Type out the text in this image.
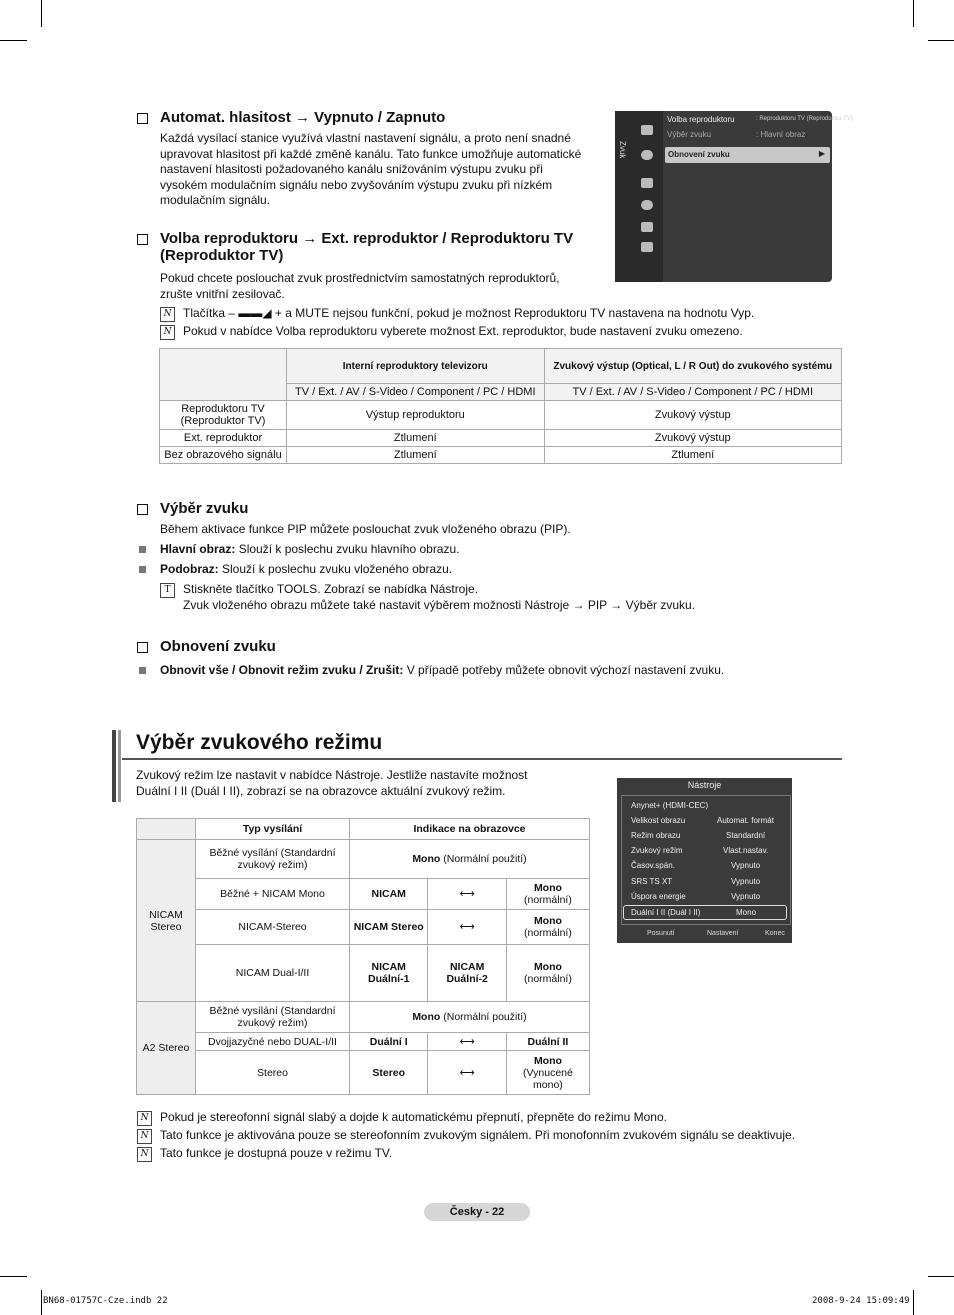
Automat. hlasitost → Vypnuto / Zapnuto
Každá vysílací stanice využívá vlastní nastavení signálu, a proto není snadné
upravovat hlasitost při každé změně kanálu. Tato funkce umožňuje automatické
nastavení hlasitosti požadovaného kanálu snižováním výstupu zvuku při
vysokém modulačním signálu nebo zvyšováním výstupu zvuku při nízkém
modulačním signálu.
Volba reproduktoru → Ext. reproduktor / Reproduktoru TV
(Reproduktor TV)
Pokud chcete poslouchat zvuk prostřednictvím samostatných reproduktorů,
zrušte vnitřní zesilovač.
N Tlačítka – ▬▬◢ + a MUTE nejsou funkční, pokud je možnost Reproduktoru TV nastavena na hodnotu Vyp.
N Pokud v nabídce Volba reproduktoru vyberete možnost Ext. reproduktor, bude nastavení zvuku omezeno.
Zvuk
Volba reproduktoru	: Reproduktoru TV (Reproduktor TV)
Výběr zvuku	: Hlavní obraz
Obnovení zvuku	▶
	Interní reproduktory televizoru	Zvukový výstup (Optical, L / R Out) do zvukového systému
	TV / Ext. / AV / S-Video / Component / PC / HDMI	TV / Ext. / AV / S-Video / Component / PC / HDMI
Reproduktoru TV (Reproduktor TV)	Výstup reproduktoru	Zvukový výstup
Ext. reproduktor	Ztlumení	Zvukový výstup
Bez obrazového signálu	Ztlumení	Ztlumení
Výběr zvuku
Během aktivace funkce PIP můžete poslouchat zvuk vloženého obrazu (PIP).
Hlavní obraz: Slouží k poslechu zvuku hlavního obrazu.
Podobraz: Slouží k poslechu zvuku vloženého obrazu.
T	Stiskněte tlačítko TOOLS. Zobrazí se nabídka Nástroje.
Zvuk vloženého obrazu můžete také nastavit výběrem možnosti Nástroje → PIP → Výběr zvuku.
Obnovení zvuku
Obnovit vše / Obnovit režim zvuku / Zrušit: V případě potřeby můžete obnovit výchozí nastavení zvuku.
Výběr zvukového režimu
Zvukový režim lze nastavit v nabídce Nástroje. Jestliže nastavíte možnost
Duální I II (Duál I II), zobrazí se na obrazovce aktuální zvukový režim.	Nástroje
Anynet+ (HDMI-CEC)
Velikost obrazu	Automat. formát
Režim obrazu	Standardní
Zvukový režim	Vlast.nastav.
Časov.spán.	Vypnuto
SRS TS XT	Vypnuto
Úspora energie	Vypnuto
Duální I II (Duál I II)	Mono
Posunutí	Nastavení	Konec
	Typ vysílání	Indikace na obrazovce		
NICAM Stereo	Běžné vysílání (Standardní zvukový režim)	Mono (Normální použití)		
	Běžné + NICAM Mono	NICAM	⟷	Mono
(normální)
	NICAM-Stereo	NICAM Stereo	⟷	Mono
(normální)
	NICAM Dual-I/II	NICAM Duální-1	NICAM Duální-2	Mono
(normální)
A2 Stereo	Běžné vysílání (Standardní zvukový režim)	Mono (Normální použití)		
	Dvojjazyčné nebo DUAL-I/II	Duální I	⟷	Duální II
	Stereo	Stereo	⟷	Mono
(Vynucené mono)
N Pokud je stereofonní signál slabý a dojde k automatickému přepnutí, přepněte do režimu Mono.
N Tato funkce je aktivována pouze se stereofonním zvukovým signálem. Při monofonním zvukovém signálu se deaktivuje.
N Tato funkce je dostupná pouze v režimu TV.
Česky - 22
BN68-01757C-Cze.indb 22	2008-9-24 15:09:49
